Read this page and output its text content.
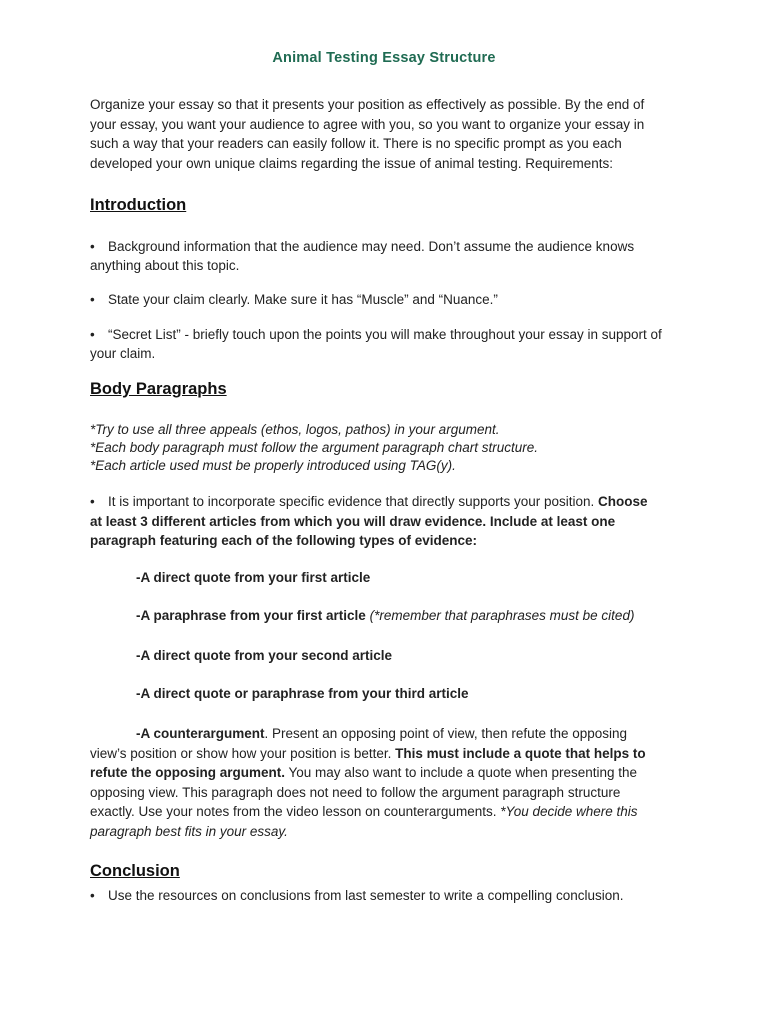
Animal Testing Essay Structure
Organize your essay so that it presents your position as effectively as possible. By the end of
your essay, you want your audience to agree with you, so you want to organize your essay in
such a way that your readers can easily follow it. There is no specific prompt as you each
developed your own unique claims regarding the issue of animal testing. Requirements:
Introduction
• Background information that the audience may need. Don’t assume the audience knows
anything about this topic.
• State your claim clearly. Make sure it has “Muscle” and “Nuance.”
• “Secret List” - briefly touch upon the points you will make throughout your essay in support of
your claim.
Body Paragraphs
*Try to use all three appeals (ethos, logos, pathos) in your argument.
*Each body paragraph must follow the argument paragraph chart structure.
*Each article used must be properly introduced using TAG(y).
• It is important to incorporate specific evidence that directly supports your position. Choose
at least 3 different articles from which you will draw evidence. Include at least one
paragraph featuring each of the following types of evidence:
-A direct quote from your first article
-A paraphrase from your first article (*remember that paraphrases must be cited)
-A direct quote from your second article
-A direct quote or paraphrase from your third article
-A counterargument. Present an opposing point of view, then refute the opposing
view’s position or show how your position is better. This must include a quote that helps to
refute the opposing argument. You may also want to include a quote when presenting the
opposing view. This paragraph does not need to follow the argument paragraph structure
exactly. Use your notes from the video lesson on counterarguments. *You decide where this
paragraph best fits in your essay.
Conclusion
• Use the resources on conclusions from last semester to write a compelling conclusion.
